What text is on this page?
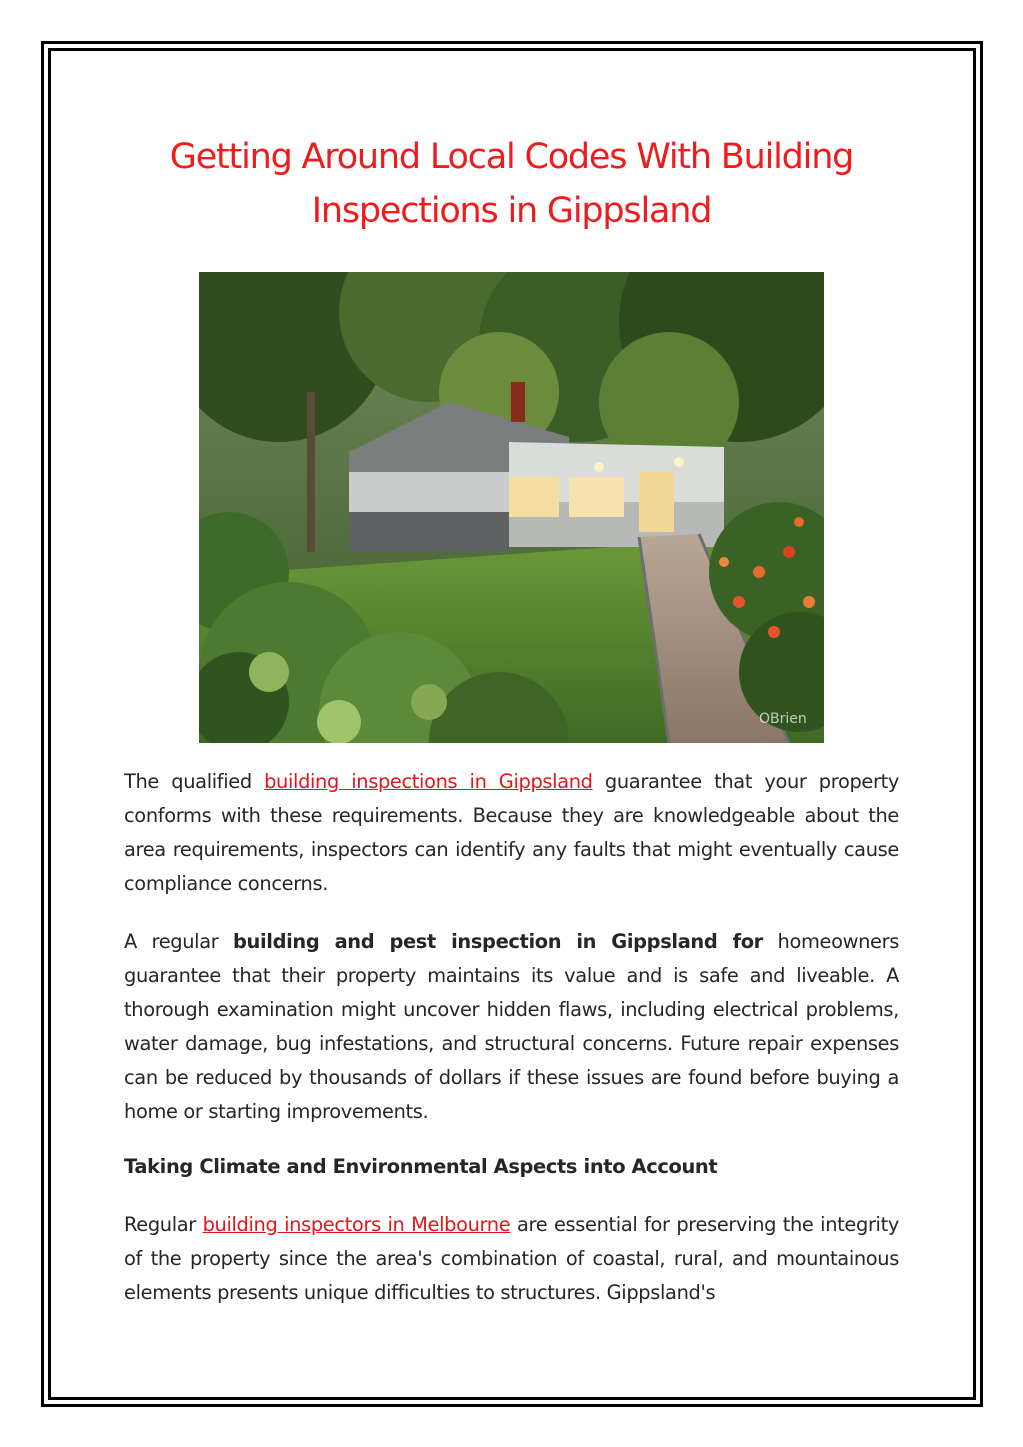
Getting Around Local Codes With Building Inspections in Gippsland
OBrien
The qualified building inspections in Gippsland guarantee that your property conforms with these requirements. Because they are knowledgeable about the area requirements, inspectors can identify any faults that might eventually cause compliance concerns.
A regular building and pest inspection in Gippsland for homeowners guarantee that their property maintains its value and is safe and liveable. A thorough examination might uncover hidden flaws, including electrical problems, water damage, bug infestations, and structural concerns. Future repair expenses can be reduced by thousands of dollars if these issues are found before buying a home or starting improvements.
Taking Climate and Environmental Aspects into Account
Regular building inspectors in Melbourne are essential for preserving the integrity of the property since the area's combination of coastal, rural, and mountainous elements presents unique difficulties to structures. Gippsland's
